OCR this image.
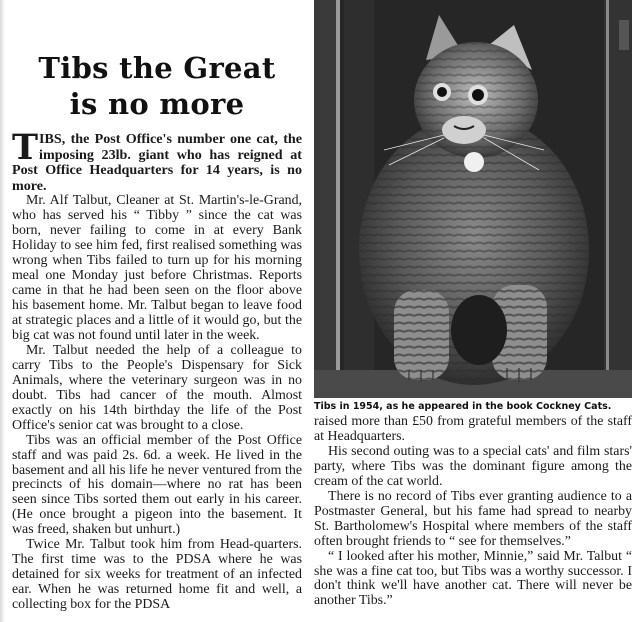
Tibs the Great
is no more
TIBS, the Post Office's number one cat, the imposing 23lb. giant who has reigned at Post Office Headquarters for 14 years, is no more.

Mr. Alf Talbut, Cleaner at St. Martin's-le-Grand, who has served his “ Tibby ” since the cat was born, never failing to come in at every Bank Holiday to see him fed, first realised something was wrong when Tibs failed to turn up for his morning meal one Monday just before Christmas. Reports came in that he had been seen on the floor above his basement home. Mr. Talbut began to leave food at strategic places and a little of it would go, but the big cat was not found until later in the week.

Mr. Talbut needed the help of a colleague to carry Tibs to the People's Dispensary for Sick Animals, where the veterinary surgeon was in no doubt. Tibs had cancer of the mouth. Almost exactly on his 14th birthday the life of the Post Office's senior cat was brought to a close.

Tibs was an official member of the Post Office staff and was paid 2s. 6d. a week. He lived in the basement and all his life he never ventured from the precincts of his domain—where no rat has been seen since Tibs sorted them out early in his career. (He once brought a pigeon into the basement. It was freed, shaken but unhurt.)

Twice Mr. Talbut took him from Head-quarters. The first time was to the PDSA where he was detained for six weeks for treatment of an infected ear. When he was returned home fit and well, a collecting box for the PDSA

Tibs in 1954, as he appeared in the book Cockney Cats.

raised more than £50 from grateful members of the staff at Headquarters.

His second outing was to a special cats' and film stars' party, where Tibs was the dominant figure among the cream of the cat world.

There is no record of Tibs ever granting audience to a Postmaster General, but his fame had spread to nearby St. Bartholomew's Hospital where members of the staff often brought friends to “ see for themselves.”

“ I looked after his mother, Minnie,” said Mr. Talbut “ she was a fine cat too, but Tibs was a worthy successor. I don't think we'll have another cat. There will never be another Tibs.”
